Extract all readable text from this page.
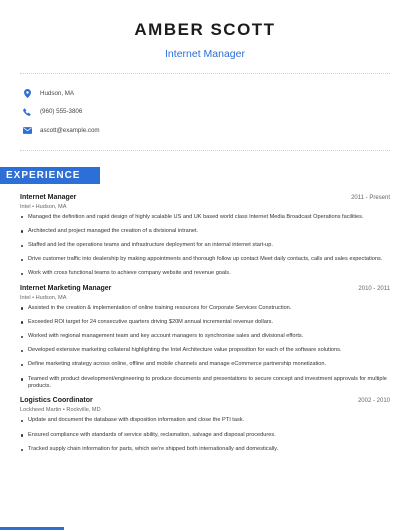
AMBER SCOTT
Internet Manager
Hudson, MA
(960) 555-3806
ascott@example.com
EXPERIENCE
Internet Manager	2011 - Present
Intel • Hudson, MA
Managed the definition and rapid design of highly scalable US and UK based world class Internet Media Broadcast Operations facilities.
Architected and project managed the creation of a divisional intranet.
Staffed and led the operations teams and infrastructure deployment for an internal internet start-up.
Drive customer traffic into dealership by making appointments and thorough follow up contact Meet daily contacts, calls and sales expectations.
Work with cross functional teams to achieve company website and revenue goals.
Internet Marketing Manager	2010 - 2011
Intel • Hudson, MA
Assisted in the creation & implementation of online training resources for Corporate Services Construction.
Exceeded ROI target for 24 consecutive quarters driving $20M annual incremental revenue dollars.
Worked with regional management team and key account managers to synchronise sales and divisional efforts.
Developed extensive marketing collateral highlighting the Intel Architecture value proposition for each of the software solutions.
Define marketing strategy across online, offline and mobile channels and manage eCommerce partnership monetization.
Teamed with product development/engineering to produce documents and presentations to secure concept and investment approvals for multiple products.
Logistics Coordinator	2002 - 2010
Lockheed Martin • Rockville, MD
Update and document the database with disposition information and close the PTI task.
Ensured compliance with standards of service ability, reclamation, salvage and disposal procedures.
Tracked supply chain information for parts, which we're shipped both internationally and domestically.
